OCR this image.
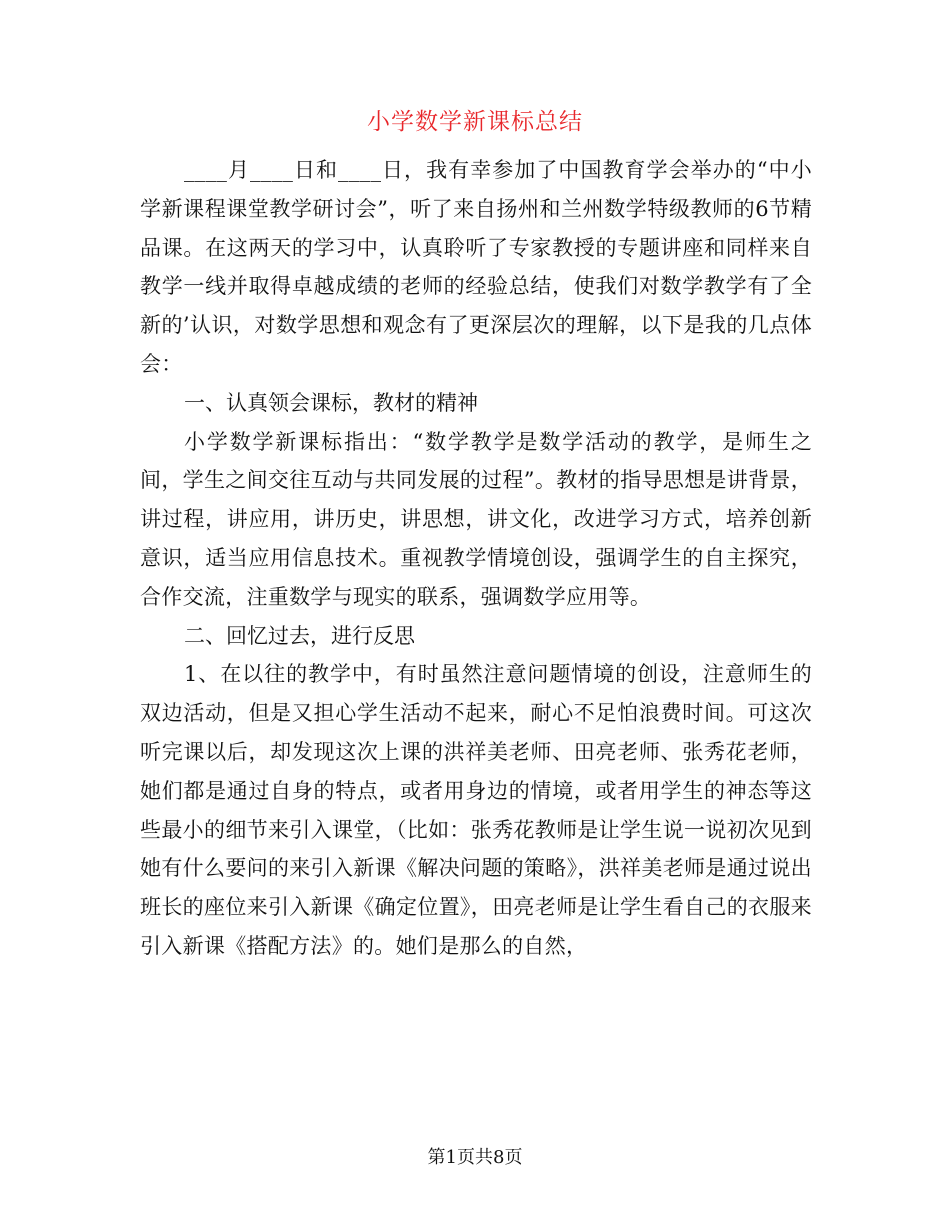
小学数学新课标总结

____月____日和____日，我有幸参加了中国教育学会举办的“中小学新课程课堂教学研讨会”，听了来自扬州和兰州数学特级教师的6节精品课。在这两天的学习中，认真聆听了专家教授的专题讲座和同样来自教学一线并取得卓越成绩的老师的经验总结，使我们对数学教学有了全新的’认识，对数学思想和观念有了更深层次的理解，以下是我的几点体会：

一、认真领会课标，教材的精神

小学数学新课标指出：“数学教学是数学活动的教学，是师生之间，学生之间交往互动与共同发展的过程”。教材的指导思想是讲背景，讲过程，讲应用，讲历史，讲思想，讲文化，改进学习方式，培养创新意识，适当应用信息技术。重视教学情境创设，强调学生的自主探究，合作交流，注重数学与现实的联系，强调数学应用等。

二、回忆过去，进行反思

1、在以往的教学中，有时虽然注意问题情境的创设，注意师生的双边活动，但是又担心学生活动不起来，耐心不足怕浪费时间。可这次听完课以后，却发现这次上课的洪祥美老师、田亮老师、张秀花老师，她们都是通过自身的特点，或者用身边的情境，或者用学生的神态等这些最小的细节来引入课堂，（比如：张秀花教师是让学生说一说初次见到她有什么要问的来引入新课《解决问题的策略》，洪祥美老师是通过说出班长的座位来引入新课《确定位置》，田亮老师是让学生看自己的衣服来引入新课《搭配方法》的。她们是那么的自然，

第1页共8页
